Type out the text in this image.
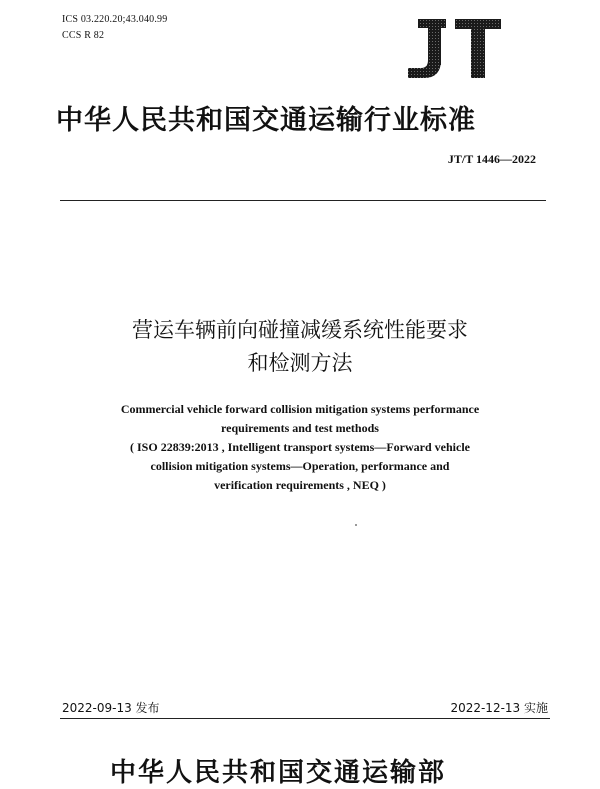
ICS 03.220.20;43.040.99
CCS R 82
中华人民共和国交通运输行业标准
JT/T 1446—2022
营运车辆前向碰撞减缓系统性能要求
和检测方法
Commercial vehicle forward collision mitigation systems performance
requirements and test methods
( ISO 22839:2013 , Intelligent transport systems—Forward vehicle
collision mitigation systems—Operation, performance and
verification requirements , NEQ )
2022-09-13 发布	2022-12-13 实施
中华人民共和国交通运输部
